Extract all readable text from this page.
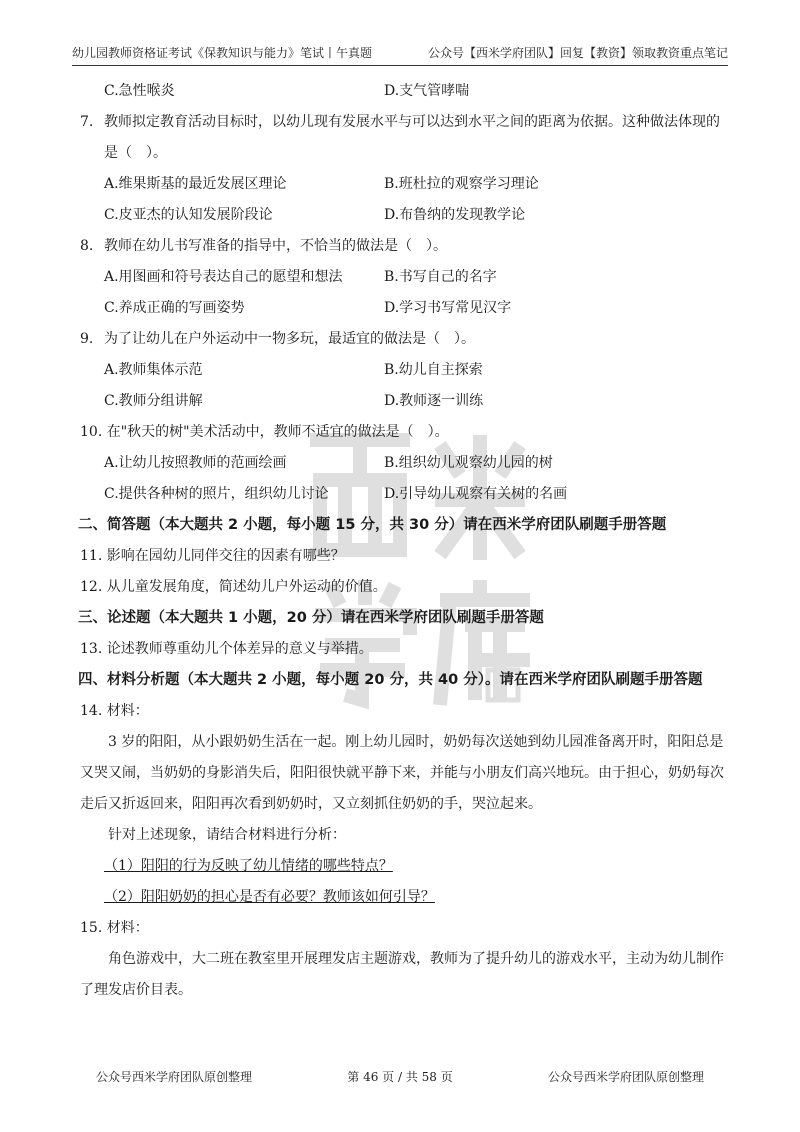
幼儿园教师资格证考试《保教知识与能力》笔试丨午真题	公众号【西米学府团队】回复【教资】领取教资重点笔记
C.急性喉炎	D.支气管哮喘
7. 教师拟定教育活动目标时，以幼儿现有发展水平与可以达到水平之间的距离为依据。这种做法体现的
是（　）。
A.维果斯基的最近发展区理论	B.班杜拉的观察学习理论
C.皮亚杰的认知发展阶段论	D.布鲁纳的发现教学论
8. 教师在幼儿书写准备的指导中，不恰当的做法是（　）。
A.用图画和符号表达自己的愿望和想法	B.书写自己的名字
C.养成正确的写画姿势	D.学习书写常见汉字
9. 为了让幼儿在户外运动中一物多玩，最适宜的做法是（　）。
A.教师集体示范	B.幼儿自主探索
C.教师分组讲解	D.教师逐一训练
10. 在"秋天的树"美术活动中，教师不适宜的做法是（　）。
A.让幼儿按照教师的范画绘画	B.组织幼儿观察幼儿园的树
C.提供各种树的照片，组织幼儿讨论	D.引导幼儿观察有关树的名画
二、简答题（本大题共 2 小题，每小题 15 分，共 30 分）请在西米学府团队刷题手册答题
11. 影响在园幼儿同伴交往的因素有哪些？
12. 从儿童发展角度，简述幼儿户外运动的价值。
三、论述题（本大题共 1 小题，20 分）请在西米学府团队刷题手册答题
13. 论述教师尊重幼儿个体差异的意义与举措。
四、材料分析题（本大题共 2 小题，每小题 20 分，共 40 分）。请在西米学府团队刷题手册答题
14. 材料：
3 岁的阳阳，从小跟奶奶生活在一起。刚上幼儿园时，奶奶每次送她到幼儿园准备离开时，阳阳总是又哭又闹，当奶奶的身影消失后，阳阳很快就平静下来，并能与小朋友们高兴地玩。由于担心，奶奶每次走后又折返回来，阳阳再次看到奶奶时，又立刻抓住奶奶的手，哭泣起来。
针对上述现象，请结合材料进行分析：
（1）阳阳的行为反映了幼儿情绪的哪些特点？
（2）阳阳奶奶的担心是否有必要？教师该如何引导？
15. 材料：
角色游戏中，大二班在教室里开展理发店主题游戏，教师为了提升幼儿的游戏水平，主动为幼儿制作了理发店价目表。
公众号西米学府团队原创整理	第 46 页 / 共 58 页	公众号西米学府团队原创整理
